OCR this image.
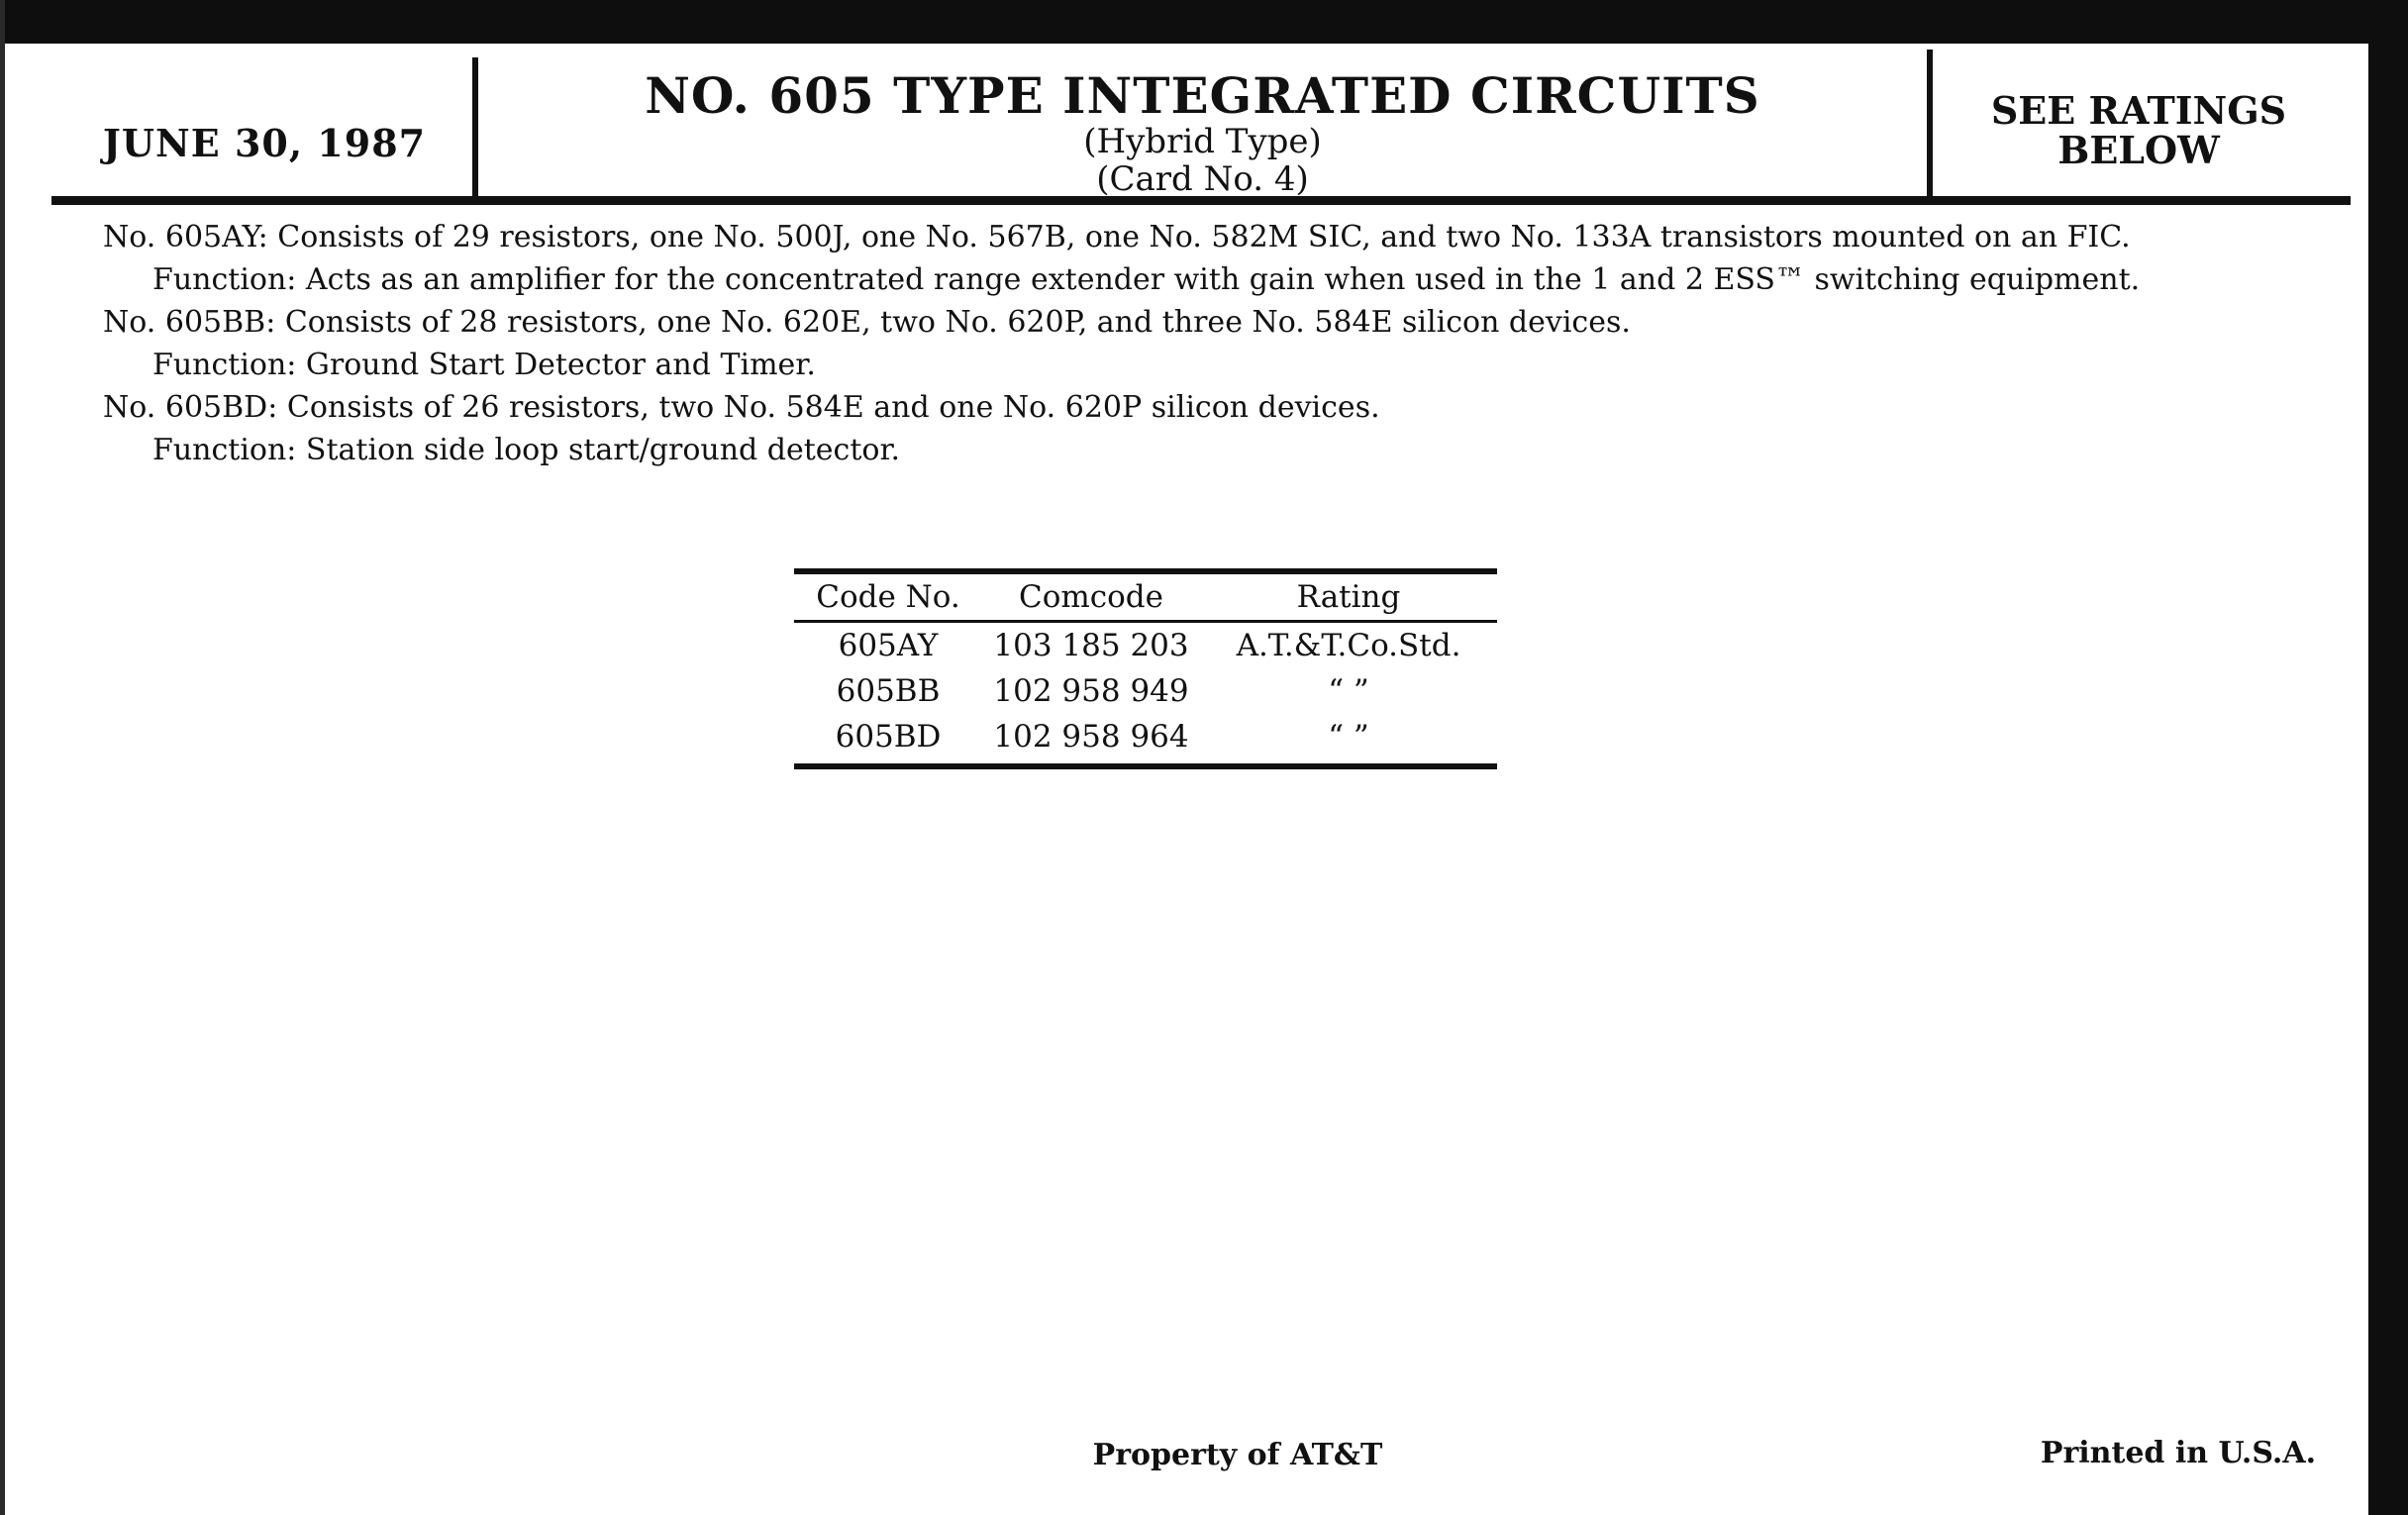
JUNE 30, 1987
NO. 605 TYPE INTEGRATED CIRCUITS
(Hybrid Type)
(Card No. 4)
SEE RATINGS
BELOW

No. 605AY: Consists of 29 resistors, one No. 500J, one No. 567B, one No. 582M SIC, and two No. 133A transistors mounted on an FIC.

Function: Acts as an amplifier for the concentrated range extender with gain when used in the 1 and 2 ESS™ switching equipment.

No. 605BB: Consists of 28 resistors, one No. 620E, two No. 620P, and three No. 584E silicon devices.

Function: Ground Start Detector and Timer.

No. 605BD: Consists of 26 resistors, two No. 584E and one No. 620P silicon devices.

Function: Station side loop start/ground detector.

Code No.	Comcode	Rating
605AY	103 185 203	A.T.&T.Co.Std.
605BB	102 958 949	“ ”
605BD	102 958 964	“ ”
Property of AT&T	Printed in U.S.A.
